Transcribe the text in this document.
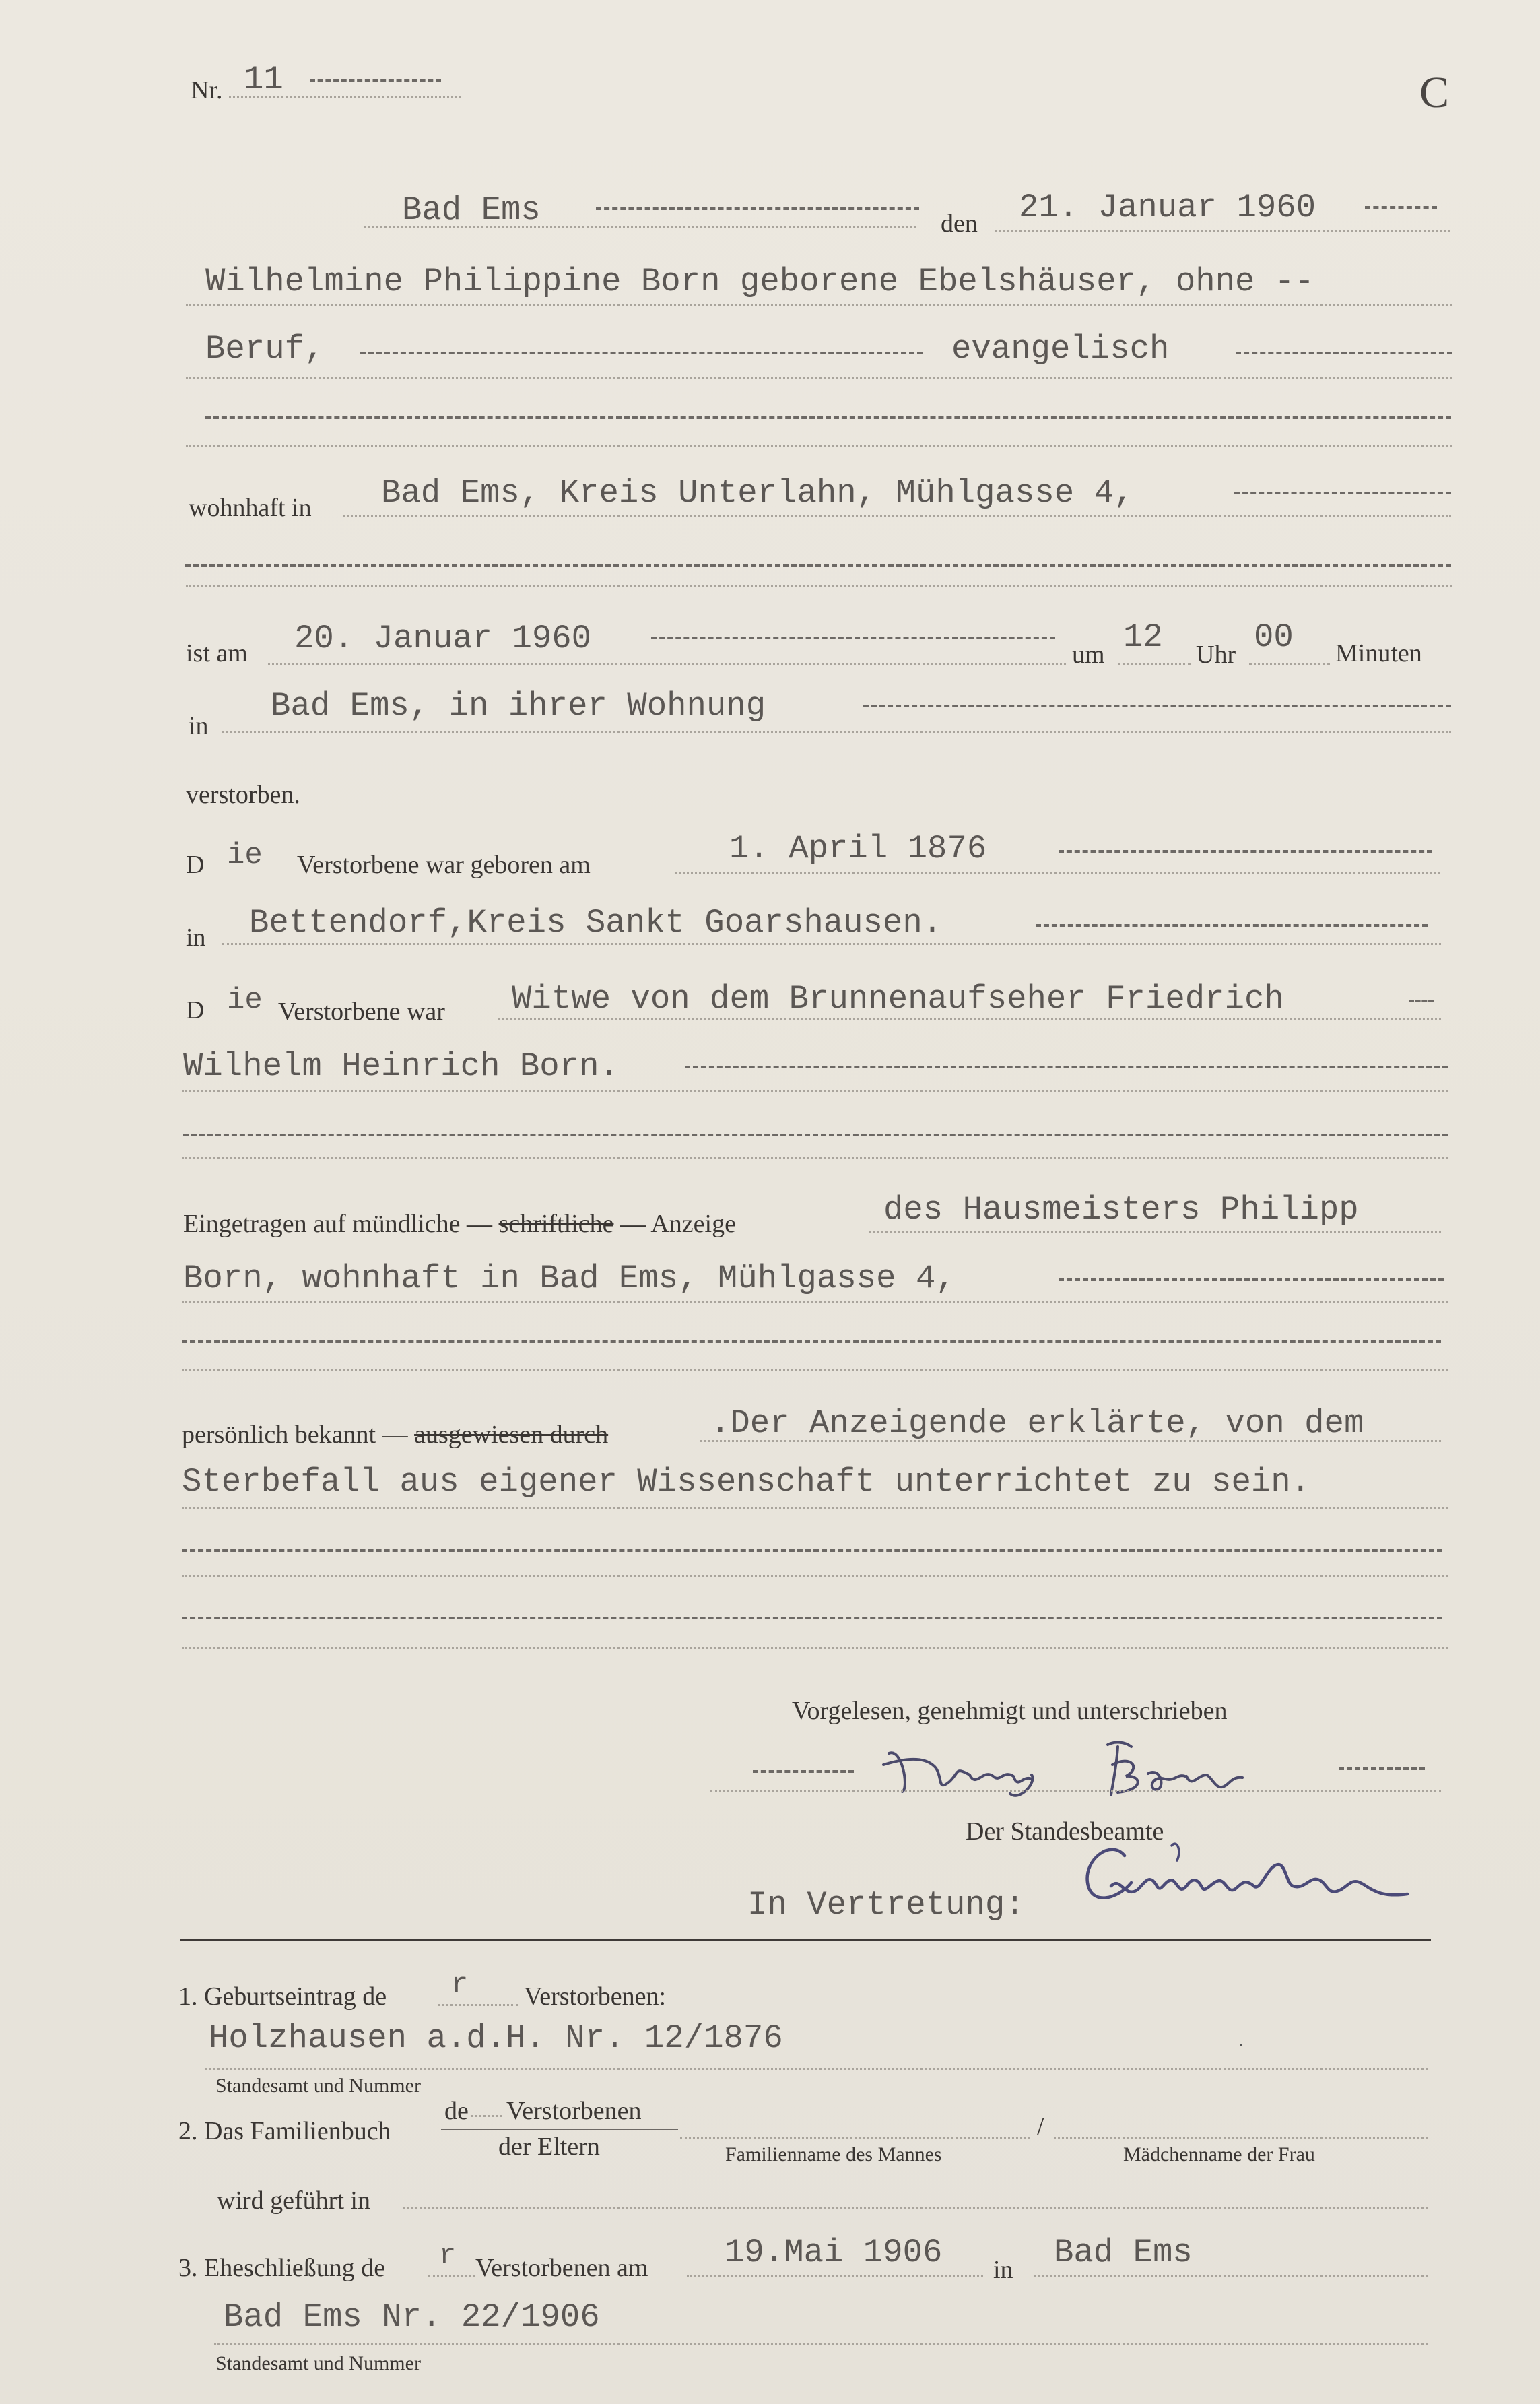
Nr. 11	C
Bad Ems	den 21. Januar 1960
Wilhelmine Philippine Born geborene Ebelshäuser, ohne --
Beruf,	evangelisch
wohnhaft in Bad Ems, Kreis Unterlahn, Mühlgasse 4,
ist am 20. Januar 1960	um 12 Uhr 00 Minuten
in
Bad Ems, in ihrer Wohnung
verstorben.
D ie Verstorbene war geboren am	1. April 1876
in Bettendorf,Kreis Sankt Goarshausen.
D ie Verstorbene war Witwe von dem Brunnenaufseher Friedrich
Wilhelm Heinrich Born.
Eingetragen auf mündliche — schriftliche — Anzeige	des Hausmeisters Philipp
Born, wohnhaft in Bad Ems, Mühlgasse 4,
persönlich bekannt — ausgewiesen durch	.Der Anzeigende erklärte, von dem
Sterbefall aus eigener Wissenschaft unterrichtet zu sein.
Vorgelesen, genehmigt und unterschrieben
Der Standesbeamte
In Vertretung:
1. Geburtseintrag de r Verstorbenen:
Holzhausen a.d.H. Nr. 12/1876
Standesamt und Nummer
·
2. Das Familienbuch
de Verstorbenen
der Eltern
/
Familienname des Mannes	Mädchenname der Frau
wird geführt in
3. Eheschließung de r Verstorbenen am 19.Mai 1906 in Bad Ems
Bad Ems Nr. 22/1906
Standesamt und Nummer
